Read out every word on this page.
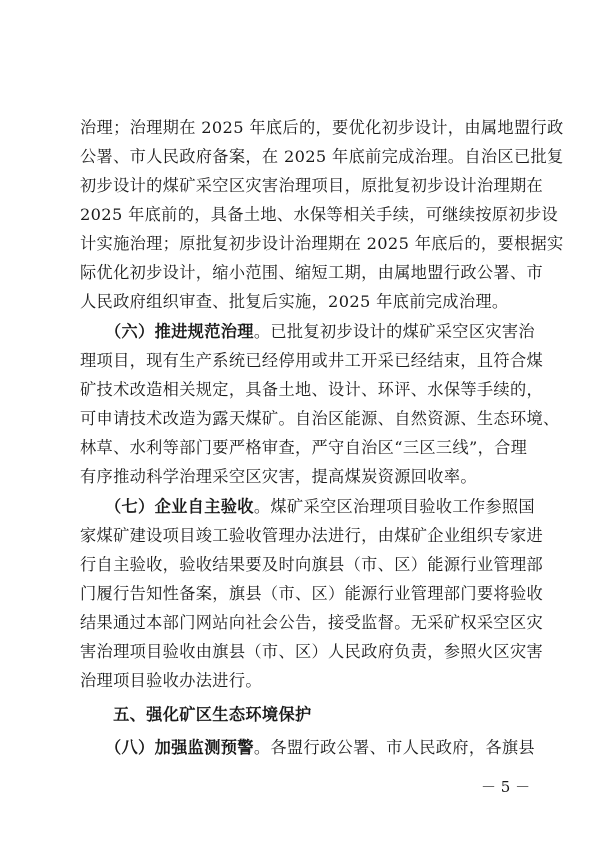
治理；治理期在 2025 年底后的，要优化初步设计，由属地盟行政
公署、市人民政府备案，在 2025 年底前完成治理。自治区已批复
初步设计的煤矿采空区灾害治理项目，原批复初步设计治理期在
2025 年底前的，具备土地、水保等相关手续，可继续按原初步设
计实施治理；原批复初步设计治理期在 2025 年底后的，要根据实
际优化初步设计，缩小范围、缩短工期，由属地盟行政公署、市
人民政府组织审查、批复后实施，2025 年底前完成治理。
　　（六）推进规范治理。已批复初步设计的煤矿采空区灾害治
理项目，现有生产系统已经停用或井工开采已经结束，且符合煤
矿技术改造相关规定，具备土地、设计、环评、水保等手续的，
可申请技术改造为露天煤矿。自治区能源、自然资源、生态环境、
林草、水利等部门要严格审查，严守自治区“三区三线”，合理
有序推动科学治理采空区灾害，提高煤炭资源回收率。
　　（七）企业自主验收。煤矿采空区治理项目验收工作参照国
家煤矿建设项目竣工验收管理办法进行，由煤矿企业组织专家进
行自主验收，验收结果要及时向旗县（市、区）能源行业管理部
门履行告知性备案，旗县（市、区）能源行业管理部门要将验收
结果通过本部门网站向社会公告，接受监督。无采矿权采空区灾
害治理项目验收由旗县（市、区）人民政府负责，参照火区灾害
治理项目验收办法进行。
　　五、强化矿区生态环境保护
　　（八）加强监测预警。各盟行政公署、市人民政府，各旗县
－ 5 －
